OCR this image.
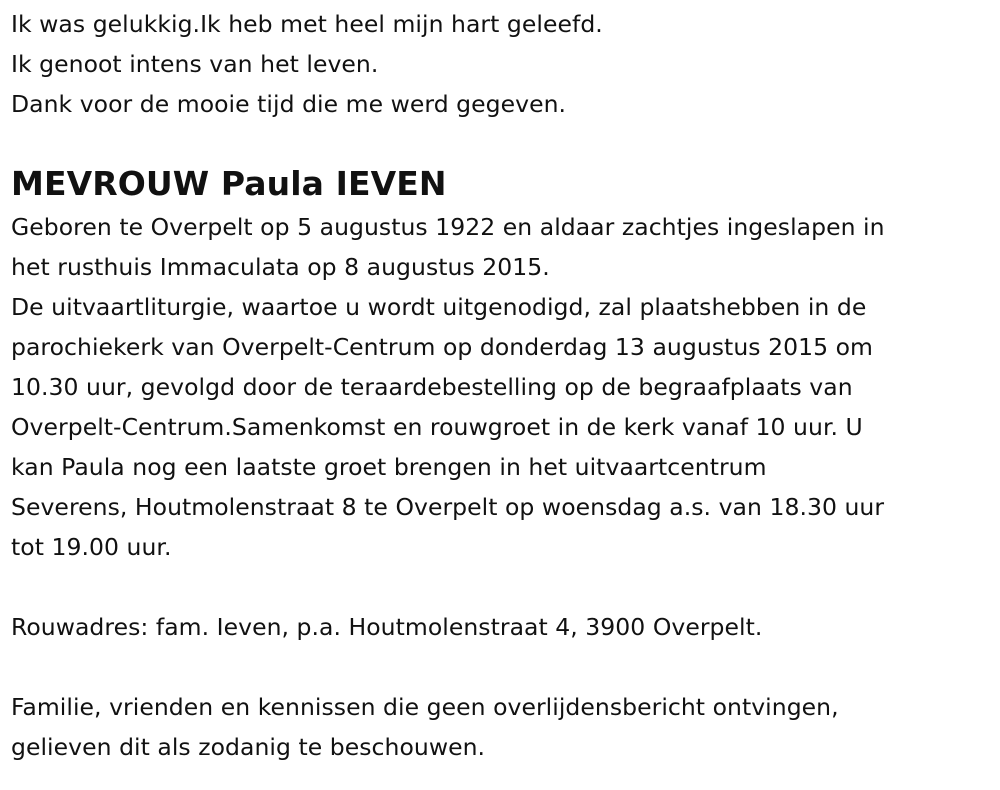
Ik was gelukkig.Ik heb met heel mijn hart geleefd.
Ik genoot intens van het leven.
Dank voor de mooie tijd die me werd gegeven.
MEVROUW Paula IEVEN
Geboren te Overpelt op 5 augustus 1922 en aldaar zachtjes ingeslapen in
het rusthuis Immaculata op 8 augustus 2015.
De uitvaartliturgie, waartoe u wordt uitgenodigd, zal plaatshebben in de
parochiekerk van Overpelt-Centrum op donderdag 13 augustus 2015 om
10.30 uur, gevolgd door de teraardebestelling op de begraafplaats van
Overpelt-Centrum.Samenkomst en rouwgroet in de kerk vanaf 10 uur. U
kan Paula nog een laatste groet brengen in het uitvaartcentrum
Severens, Houtmolenstraat 8 te Overpelt op woensdag a.s. van 18.30 uur
tot 19.00 uur.
Rouwadres: fam. Ieven, p.a. Houtmolenstraat 4, 3900 Overpelt.
Familie, vrienden en kennissen die geen overlijdensbericht ontvingen,
gelieven dit als zodanig te beschouwen.
